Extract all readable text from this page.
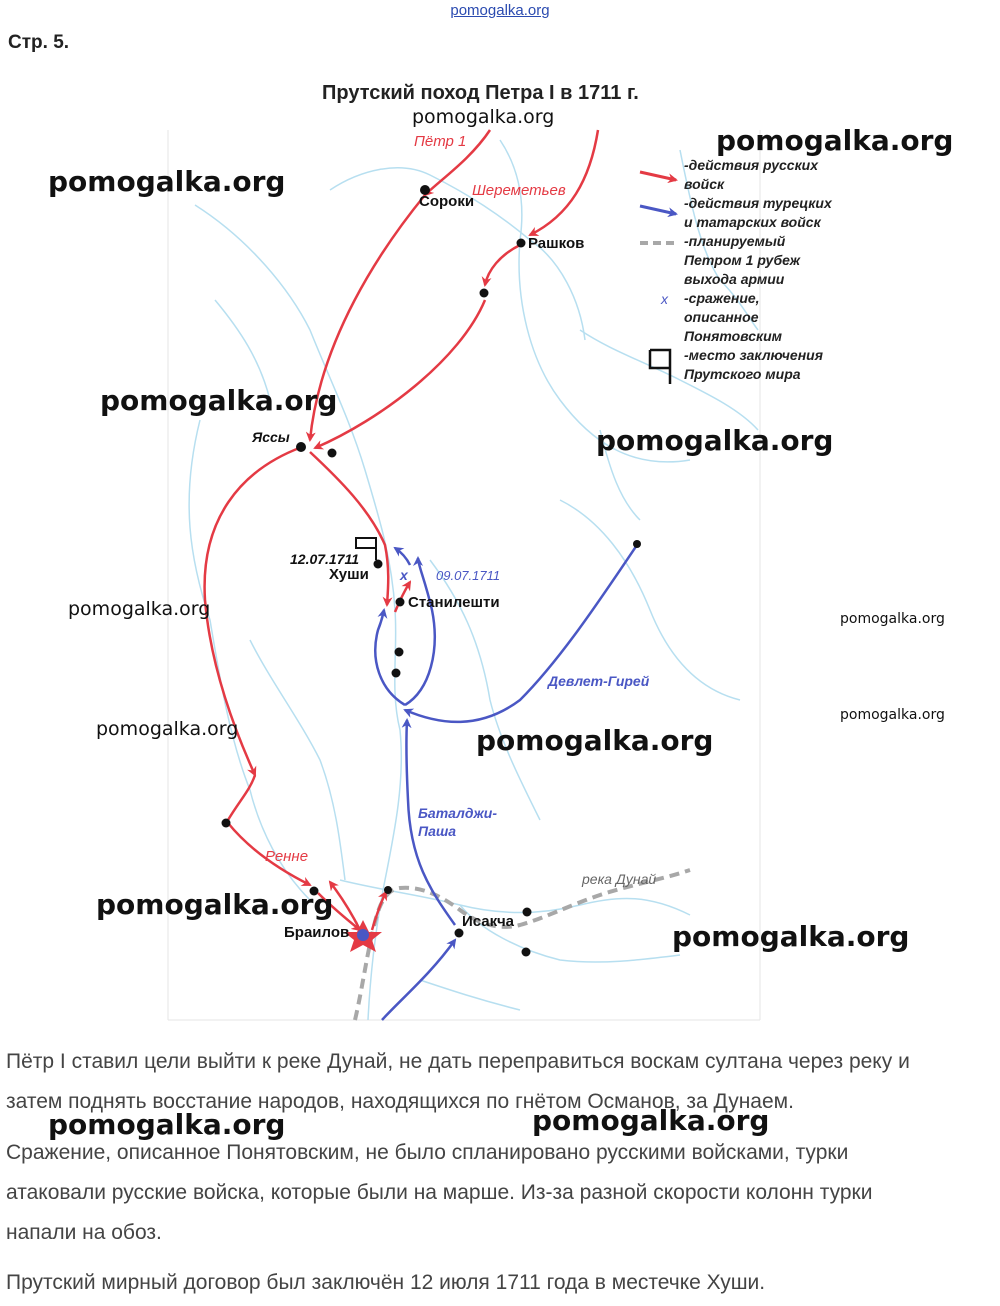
pomogalka.org
Стр. 5.
Прутский поход Петра I в 1711 г.
x
Сороки
Рашков
Яссы
Хуши
Станилешти
Браилов
Исакча
12.07.1711
09.07.1711
Пётр 1
Шереметьев
Ренне
Девлет-Гирей
Баталджи-
Паша
река Дунай
x
-действия русских
войск
-действия турецких
и татарских войск
-планируемый
Петром 1 рубеж
выхода армии
-сражение,
описанное
Понятовским
-место заключения
Прутского мира
pomogalka.org
pomogalka.org
pomogalka.org
pomogalka.org
pomogalka.org
pomogalka.org	pomogalka.org
pomogalka.org
pomogalka.org	pomogalka.org
pomogalka.org
pomogalka.org
pomogalka.org	pomogalka.org

Пётр I ставил цели выйти к реке Дунай, не дать переправиться воскам султана через реку и

затем поднять восстание народов, находящихся по гнётом Османов, за Дунаем.

Сражение, описанное Понятовским, не было спланировано русскими войсками, турки

атаковали русские войска, которые были на марше. Из-за разной скорости колонн турки

напали на обоз.

Прутский мирный договор был заключён 12 июля 1711 года в местечке Хуши.
